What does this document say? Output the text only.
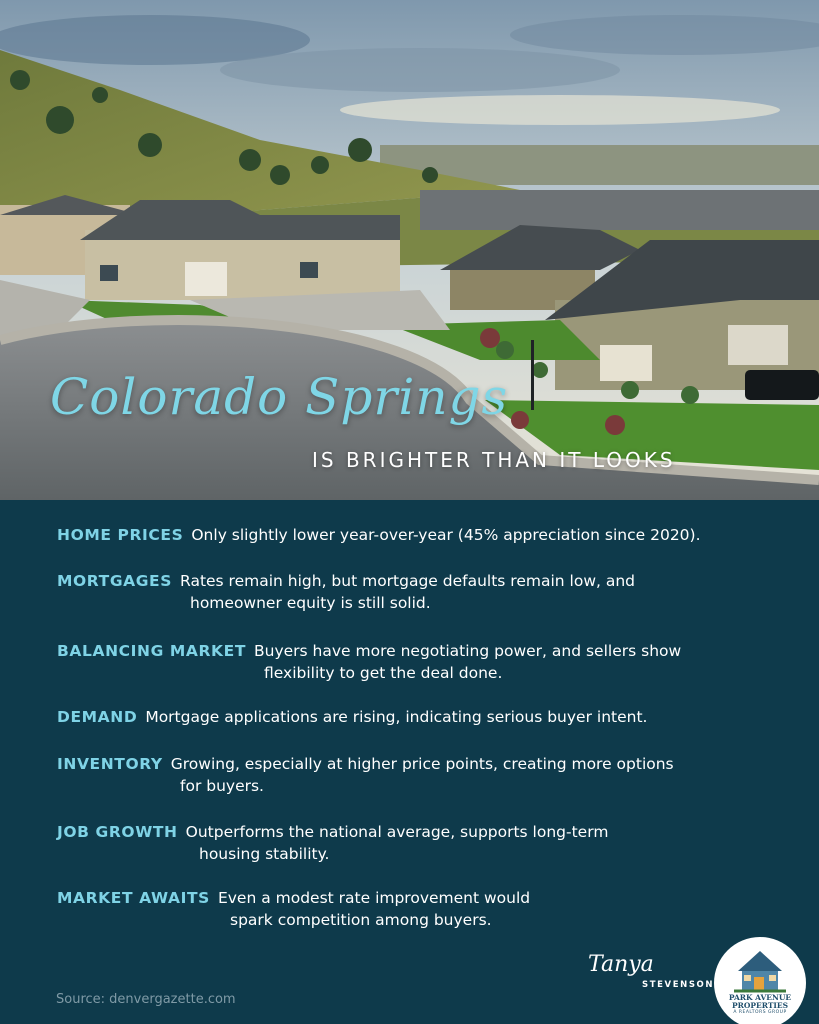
Colorado Springs
IS BRIGHTER THAN IT LOOKS
HOME PRICES Only slightly lower year-over-year (45% appreciation since 2020).
MORTGAGES Rates remain high, but mortgage defaults remain low, and
homeowner equity is still solid.
BALANCING MARKET Buyers have more negotiating power, and sellers show
flexibility to get the deal done.
DEMAND Mortgage applications are rising, indicating serious buyer intent.
INVENTORY Growing, especially at higher price points, creating more options
for buyers.
JOB GROWTH Outperforms the national average, supports long-term
housing stability.
MARKET AWAITS Even a modest rate improvement would
spark competition among buyers.
Source: denvergazette.com
Tanya
STEVENSON
PARK AVENUE
PROPERTIES
A REALTORS GROUP
